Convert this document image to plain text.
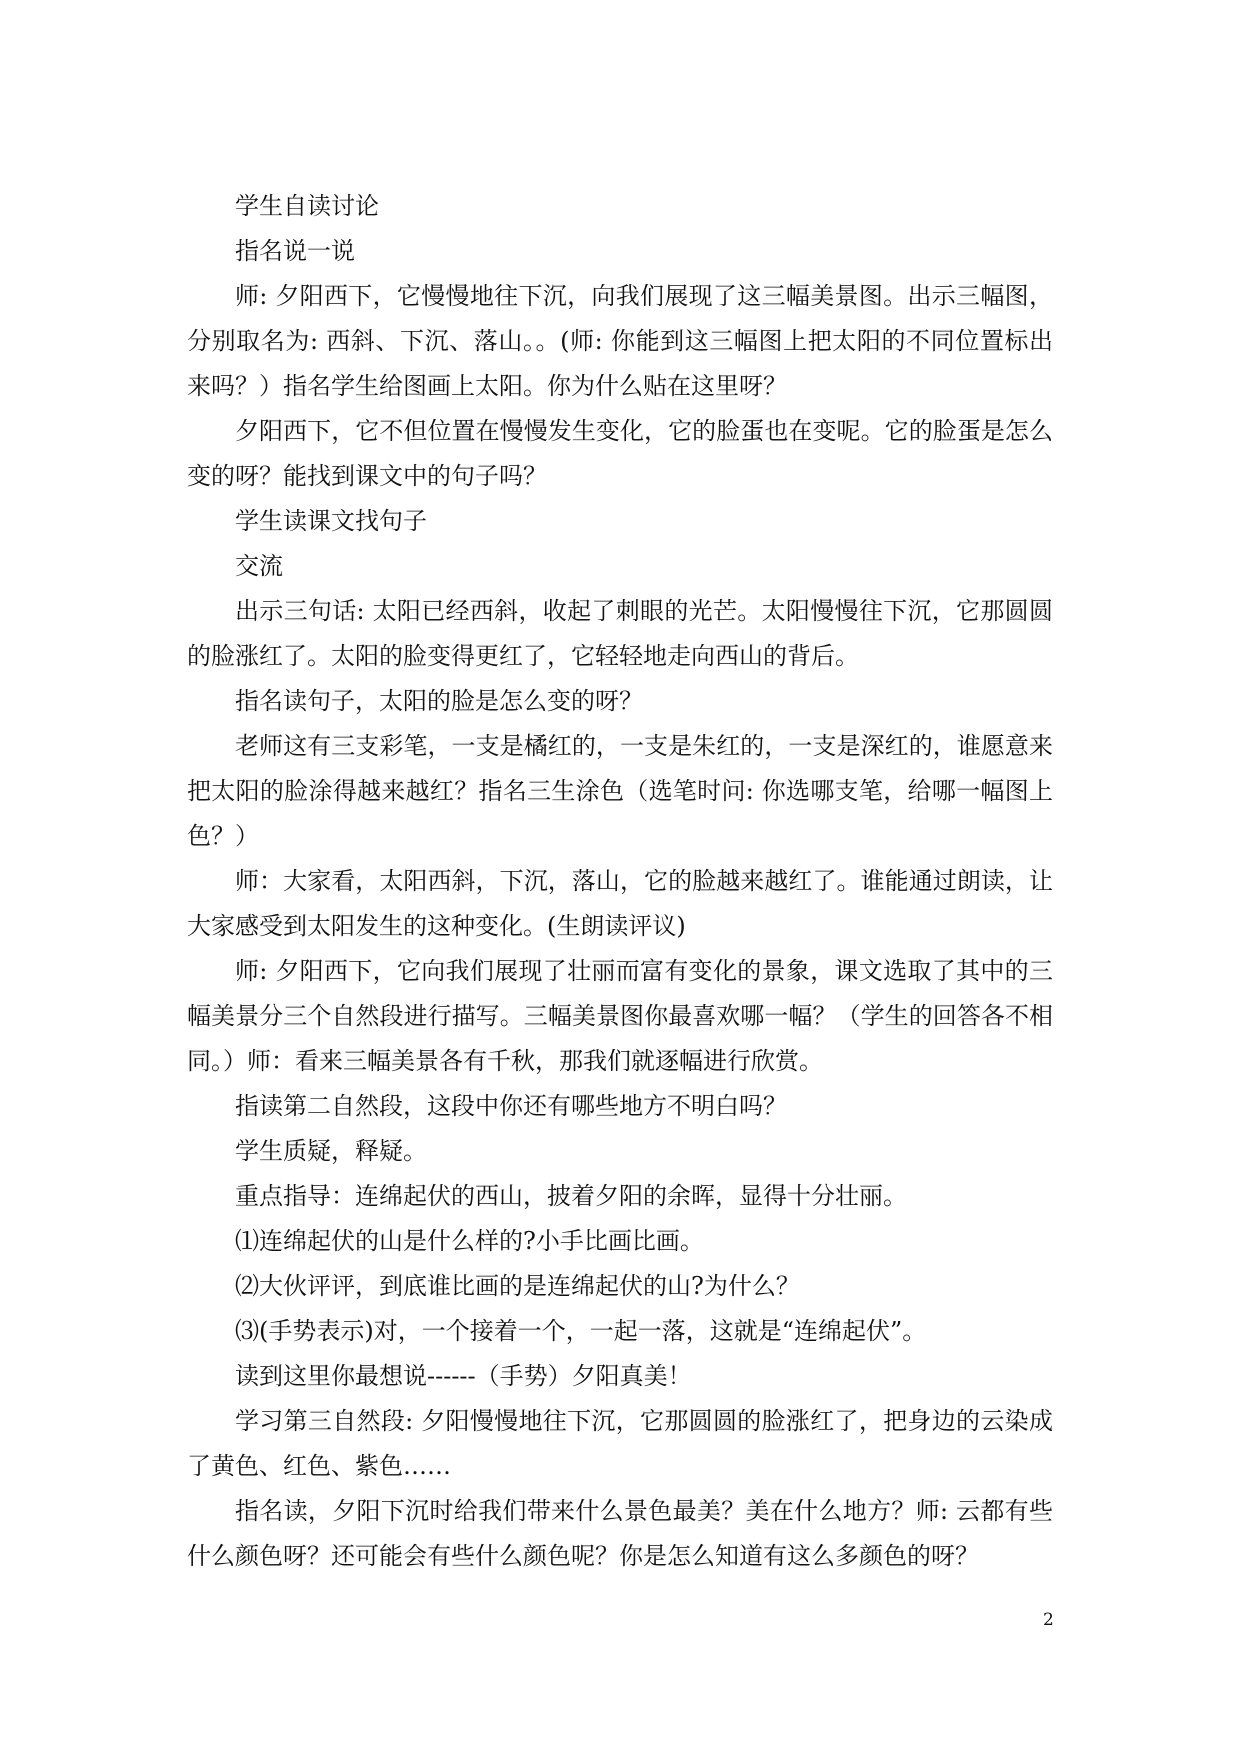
学生自读讨论

指名说一说

师: 夕阳西下，它慢慢地往下沉，向我们展现了这三幅美景图。出示三幅图，分别取名为: 西斜、下沉、落山。。(师: 你能到这三幅图上把太阳的不同位置标出来吗？）指名学生给图画上太阳。你为什么贴在这里呀？

夕阳西下，它不但位置在慢慢发生变化，它的脸蛋也在变呢。它的脸蛋是怎么变的呀？能找到课文中的句子吗？

学生读课文找句子

交流

出示三句话: 太阳已经西斜，收起了刺眼的光芒。太阳慢慢往下沉，它那圆圆的脸涨红了。太阳的脸变得更红了，它轻轻地走向西山的背后。

指名读句子，太阳的脸是怎么变的呀？

老师这有三支彩笔，一支是橘红的，一支是朱红的，一支是深红的，谁愿意来把太阳的脸涂得越来越红？指名三生涂色（选笔时问: 你选哪支笔，给哪一幅图上色？）

师：大家看，太阳西斜，下沉，落山，它的脸越来越红了。谁能通过朗读，让大家感受到太阳发生的这种变化。(生朗读评议)

师: 夕阳西下，它向我们展现了壮丽而富有变化的景象，课文选取了其中的三幅美景分三个自然段进行描写。三幅美景图你最喜欢哪一幅？（学生的回答各不相同。）师：看来三幅美景各有千秋，那我们就逐幅进行欣赏。

指读第二自然段，这段中你还有哪些地方不明白吗？

学生质疑，释疑。

重点指导：连绵起伏的西山，披着夕阳的余晖，显得十分壮丽。

⑴连绵起伏的山是什么样的?小手比画比画。

⑵大伙评评，到底谁比画的是连绵起伏的山?为什么？

⑶(手势表示)对，一个接着一个，一起一落，这就是“连绵起伏”。

读到这里你最想说------（手势）夕阳真美！

学习第三自然段: 夕阳慢慢地往下沉，它那圆圆的脸涨红了，把身边的云染成了黄色、红色、紫色……

指名读，夕阳下沉时给我们带来什么景色最美？美在什么地方？师: 云都有些什么颜色呀？还可能会有些什么颜色呢？你是怎么知道有这么多颜色的呀？

2
